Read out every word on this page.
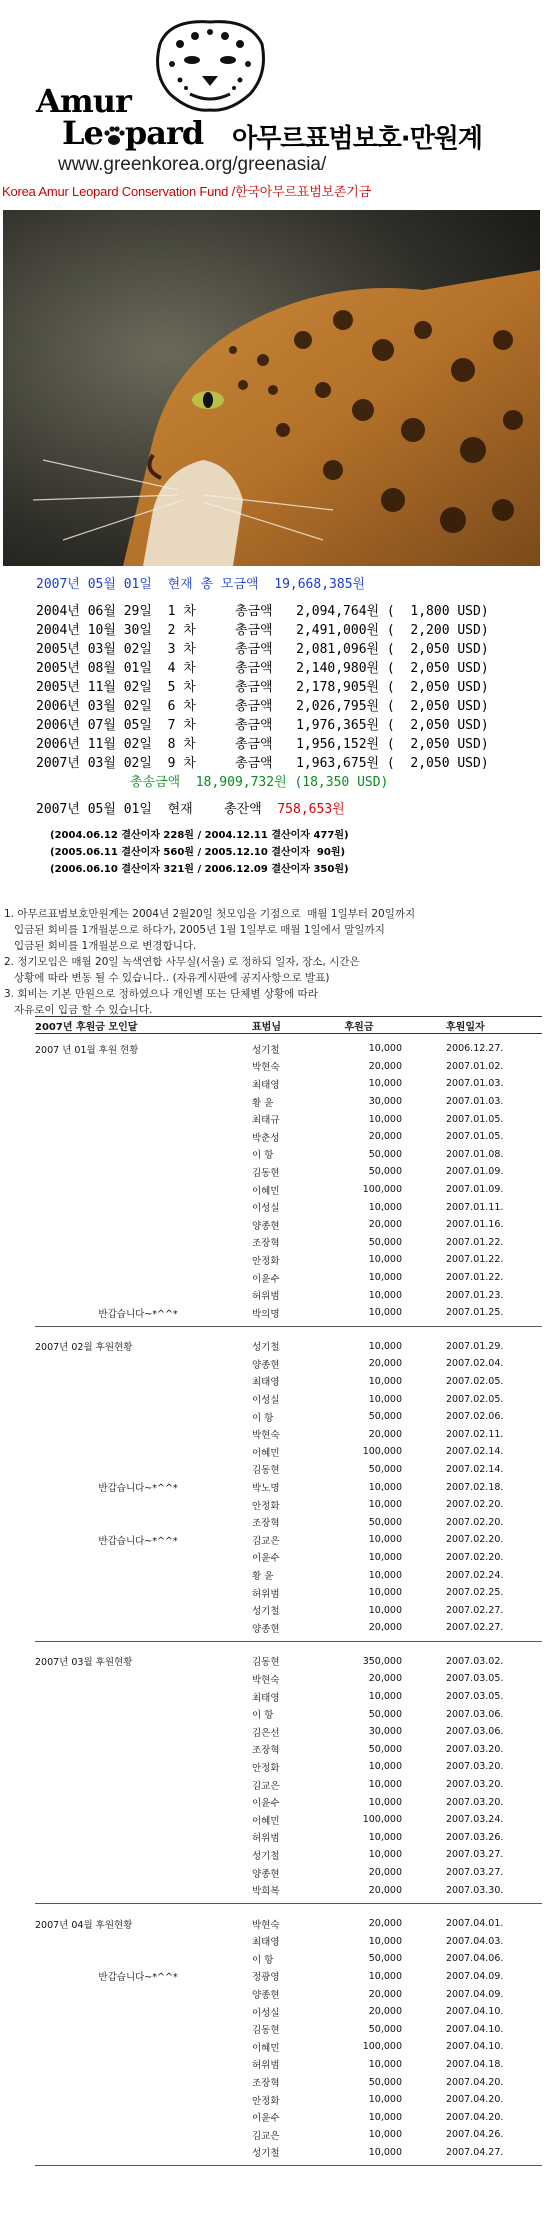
Amur
Le pard 아무르표범보호·만원계
www.greenkorea.org/greenasia/
Korea Amur Leopard Conservation Fund /한국아무르표범보존기금
2007년 05월 01일  현재 총 모금액  19,668,385원
2004년 06월 29일  1 차     총금액   2,094,764원 (  1,800 USD)
2004년 10월 30일  2 차     총금액   2,491,000원 (  2,200 USD)
2005년 03월 02일  3 차     총금액   2,081,096원 (  2,050 USD)
2005년 08월 01일  4 차     총금액   2,140,980원 (  2,050 USD)
2005년 11월 02일  5 차     총금액   2,178,905원 (  2,050 USD)
2006년 03월 02일  6 차     총금액   2,026,795원 (  2,050 USD)
2006년 07월 05일  7 차     총금액   1,976,365원 (  2,050 USD)
2006년 11월 02일  8 차     총금액   1,956,152원 (  2,050 USD)
2007년 03월 02일  9 차     총금액   1,963,675원 (  2,050 USD)
총송금액  18,909,732원 (18,350 USD)
2007년 05월 01일  현재    총잔액 758,653원
(2004.06.12 결산이자 228원 / 2004.12.11 결산이자 477원)
(2005.06.11 결산이자 560원 / 2005.12.10 결산이자  90원)
(2006.06.10 결산이자 321원 / 2006.12.09 결산이자 350원)
1. 아무르표범보호만원계는 2004년 2월20일 첫모임을 기점으로  매월 1일부터 20일까지
입금된 회비를 1개월분으로 하다가, 2005년 1월 1일부로 매월 1일에서 말일까지
입금된 회비를 1개월분으로 변경합니다.
2. 정기모임은 매월 20일 녹색연합 사무실(서울) 로 정하되 일자, 장소, 시간은
상황에 따라 변동 될 수 있습니다.. (자유게시판에 공지사항으로 발표)
3. 회비는 기본 만원으로 정하였으나 개인별 또는 단체별 상황에 따라
자유로이 입금 할 수 있습니다.
2007년 후원금 모인달	표범님	후원금	후원일자
2007 년 01월 후원 현황	성기철	10,000	2006.12.27.
박현숙	20,000	2007.01.02.
최태영	10,000	2007.01.03.
황 윤	30,000	2007.01.03.
최태규	10,000	2007.01.05.
박춘성	20,000	2007.01.05.
이 항	50,000	2007.01.08.
김동현	50,000	2007.01.09.
이혜민	100,000	2007.01.09.
이성실	10,000	2007.01.11.
양종현	20,000	2007.01.16.
조장혁	50,000	2007.01.22.
안정화	10,000	2007.01.22.
이윤수	10,000	2007.01.22.
허위범	10,000	2007.01.23.
반갑습니다~*^^*	박의명	10,000	2007.01.25.
2007년 02월 후원현황	성기철	10,000	2007.01.29.
양종현	20,000	2007.02.04.
최태영	10,000	2007.02.05.
이성실	10,000	2007.02.05.
이 항	50,000	2007.02.06.
박현숙	20,000	2007.02.11.
이혜민	100,000	2007.02.14.
김동현	50,000	2007.02.14.
반갑습니다~*^^*	박노명	10,000	2007.02.18.
안정화	10,000	2007.02.20.
조장혁	50,000	2007.02.20.
반갑습니다~*^^*	김교은	10,000	2007.02.20.
이윤수	10,000	2007.02.20.
황 윤	10,000	2007.02.24.
허위범	10,000	2007.02.25.
성기철	10,000	2007.02.27.
양종현	20,000	2007.02.27.
2007년 03월 후원현황	김동현	350,000	2007.03.02.
박현숙	20,000	2007.03.05.
최태영	10,000	2007.03.05.
이 항	50,000	2007.03.06.
김은선	30,000	2007.03.06.
조장혁	50,000	2007.03.20.
안정화	10,000	2007.03.20.
김교은	10,000	2007.03.20.
이윤수	10,000	2007.03.20.
이혜민	100,000	2007.03.24.
허위범	10,000	2007.03.26.
성기철	10,000	2007.03.27.
양종현	20,000	2007.03.27.
박희복	20,000	2007.03.30.
2007년 04월 후원현황	박현숙	20,000	2007.04.01.
최태영	10,000	2007.04.03.
이 항	50,000	2007.04.06.
반갑습니다~*^^*	정광영	10,000	2007.04.09.
양종현	20,000	2007.04.09.
이성실	20,000	2007.04.10.
김동현	50,000	2007.04.10.
이혜민	100,000	2007.04.10.
허위범	10,000	2007.04.18.
조장혁	50,000	2007.04.20.
안정화	10,000	2007.04.20.
이윤수	10,000	2007.04.20.
김교은	10,000	2007.04.26.
성기철	10,000	2007.04.27.
